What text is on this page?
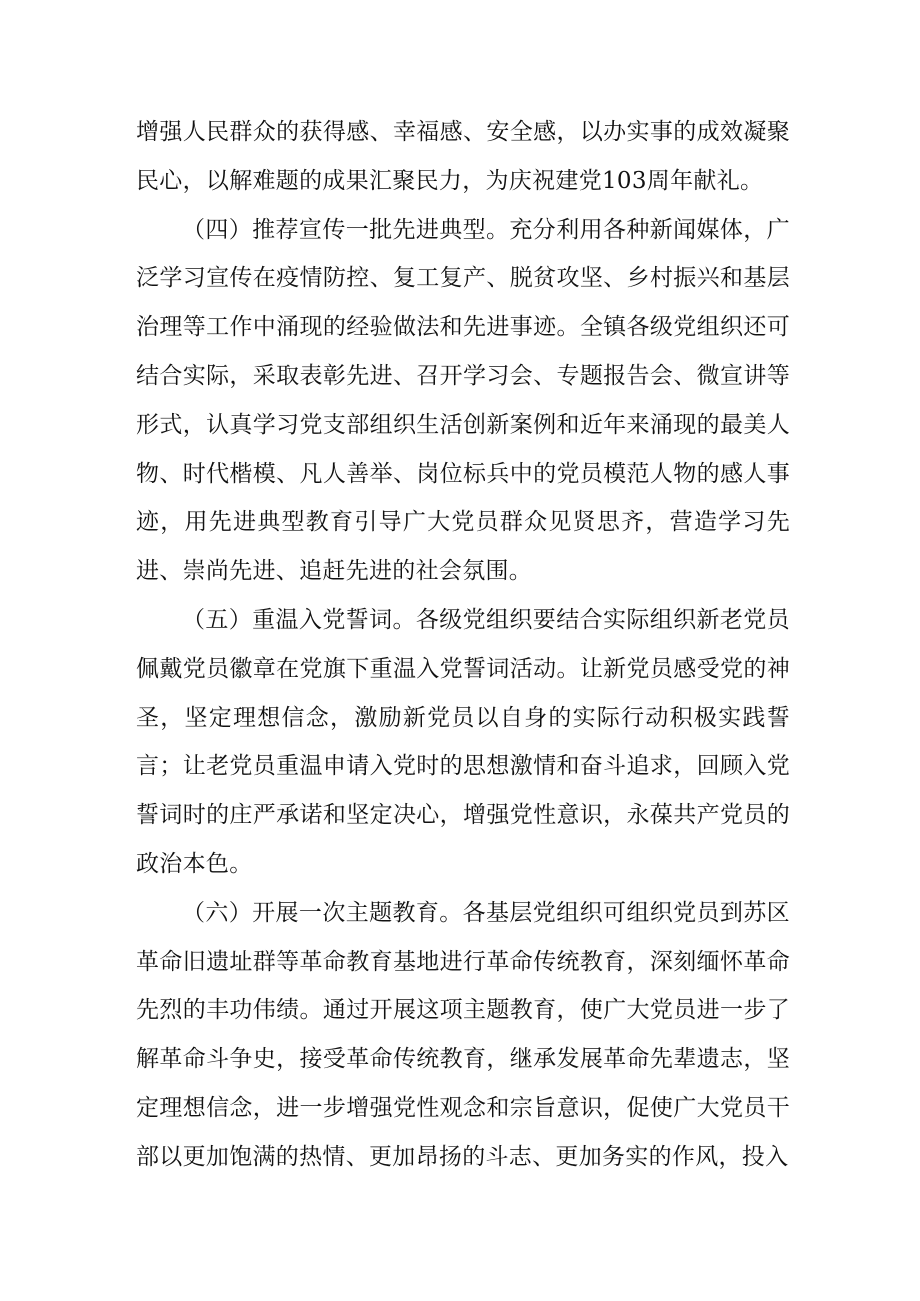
增强人民群众的获得感、幸福感、安全感，以办实事的成效凝聚民心，以解难题的成果汇聚民力，为庆祝建党103周年献礼。

（四）推荐宣传一批先进典型。充分利用各种新闻媒体，广泛学习宣传在疫情防控、复工复产、脱贫攻坚、乡村振兴和基层治理等工作中涌现的经验做法和先进事迹。全镇各级党组织还可结合实际，采取表彰先进、召开学习会、专题报告会、微宣讲等形式，认真学习党支部组织生活创新案例和近年来涌现的最美人物、时代楷模、凡人善举、岗位标兵中的党员模范人物的感人事迹，用先进典型教育引导广大党员群众见贤思齐，营造学习先进、崇尚先进、追赶先进的社会氛围。

（五）重温入党誓词。各级党组织要结合实际组织新老党员佩戴党员徽章在党旗下重温入党誓词活动。让新党员感受党的神圣，坚定理想信念，激励新党员以自身的实际行动积极实践誓言；让老党员重温申请入党时的思想激情和奋斗追求，回顾入党誓词时的庄严承诺和坚定决心，增强党性意识，永葆共产党员的政治本色。

（六）开展一次主题教育。各基层党组织可组织党员到苏区革命旧遗址群等革命教育基地进行革命传统教育，深刻缅怀革命先烈的丰功伟绩。通过开展这项主题教育，使广大党员进一步了解革命斗争史，接受革命传统教育，继承发展革命先辈遗志，坚定理想信念，进一步增强党性观念和宗旨意识，促使广大党员干部以更加饱满的热情、更加昂扬的斗志、更加务实的作风，投入
